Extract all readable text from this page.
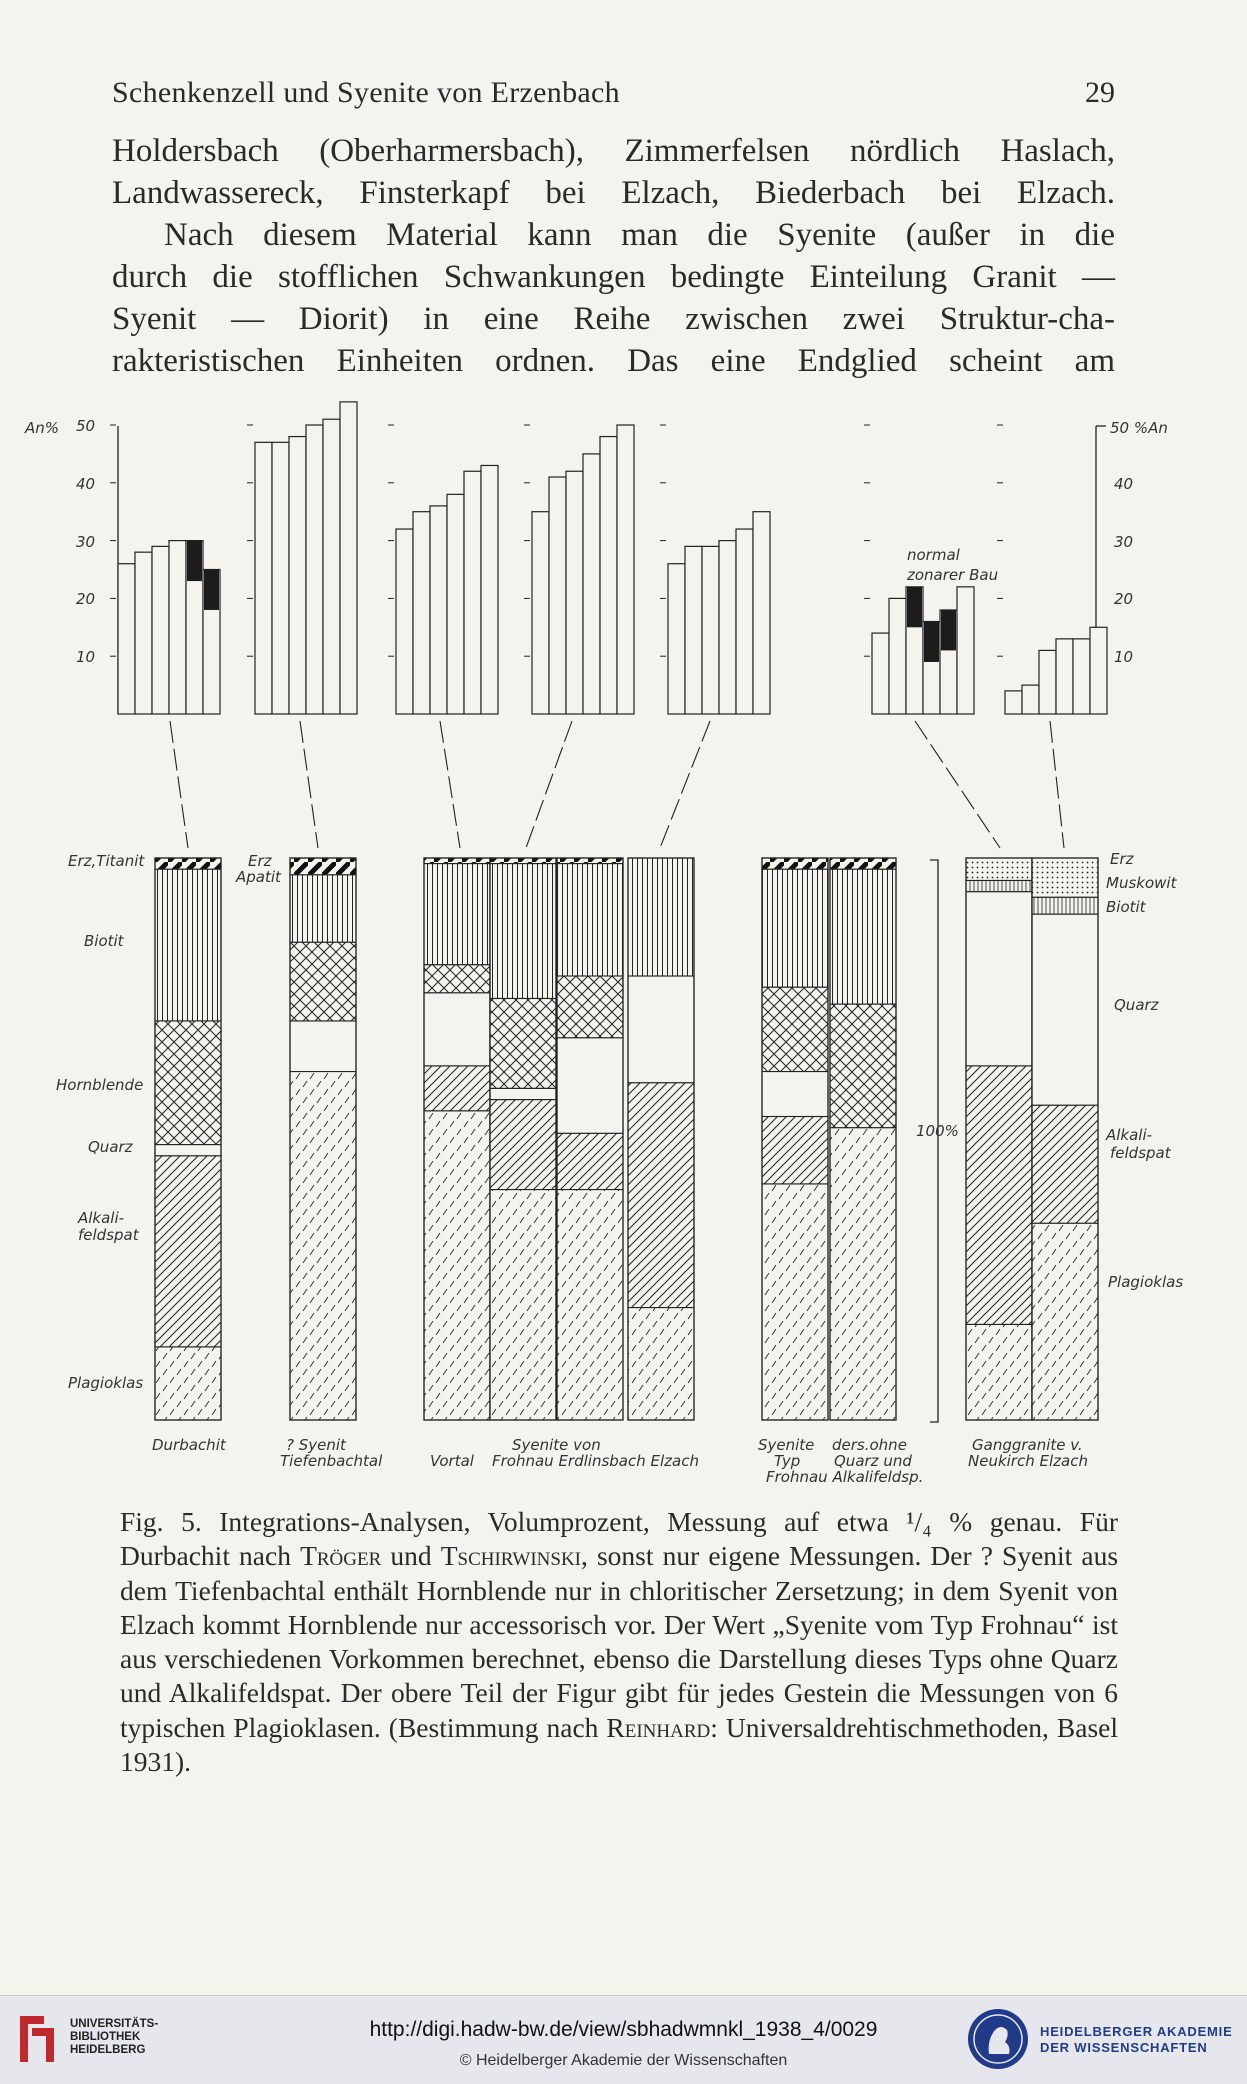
Schenkenzell und Syenite von Erzenbach	29

Holdersbach (Oberharmersbach), Zimmerfelsen nördlich Haslach,

Landwassereck, Finsterkapf bei Elzach, Biederbach bei Elzach.

Nach diesem Material kann man die Syenite (außer in die

durch die stofflichen Schwankungen bedingte Einteilung Granit —

Syenit — Diorit) in eine Reihe zwischen zwei Struktur-cha-

rakteristischen Einheiten ordnen. Das eine Endglied scheint am

An%	50 %An
50
40
30
20
10
40
30
20
10
normal
zonarer Bau
Erz,Titanit
Biotit
Hornblende
Quarz
Alkali-
feldspat
Plagioklas
Erz
Apatit
Erz
Muskowit
Biotit
Quarz
Alkali-
feldspat
Plagioklas
100%
Durbachit	? Syenit
Tiefenbachtal
Syenite von
Vortal Frohnau Erdlinsbach Elzach
Syenite ders.ohne
Typ Quarz und
Frohnau Alkalifeldsp.
Ganggranite v.
Neukirch Elzach

Fig. 5. Integrations-Analysen, Volumprozent, Messung auf etwa ¹/₄ % genau. Für Durbachit nach Tröger und Tschirwinski, sonst nur eigene Messungen. Der ? Syenit aus dem Tiefenbachtal enthält Hornblende nur in chloritischer Zersetzung; in dem Syenit von Elzach kommt Hornblende nur accessorisch vor. Der Wert „Syenite vom Typ Frohnau“ ist aus verschiedenen Vorkommen berechnet, ebenso die Darstellung dieses Typs ohne Quarz und Alkalifeldspat. Der obere Teil der Figur gibt für jedes Gestein die Messungen von 6 typischen Plagioklasen. (Bestimmung nach Reinhard: Universaldrehtischmethoden, Basel 1931).

UNIVERSITÄTS-
BIBLIOTHEK
HEIDELBERG
http://digi.hadw-bw.de/view/sbhadwmnkl_1938_4/0029
© Heidelberger Akademie der Wissenschaften
HEIDELBERGER AKADEMIE
DER WISSENSCHAFTEN
